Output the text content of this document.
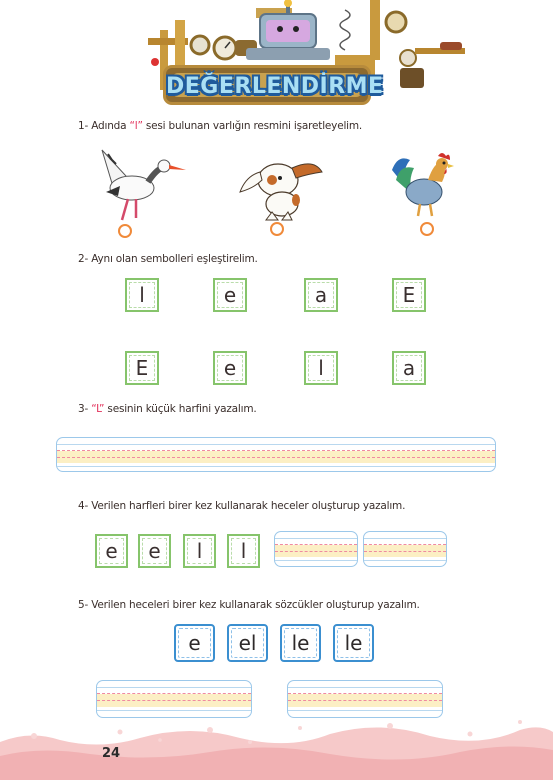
DEĞERLENDİRME
1- Adında “l” sesi bulunan varlığın resmini işaretleyelim.
2- Aynı olan sembolleri eşleştirelim.
l	e	a	E
E	e	l	a
3- “L” sesinin küçük harfini yazalım.
4- Verilen harfleri birer kez kullanarak heceler oluşturup yazalım.
e	e	l	l
5- Verilen heceleri birer kez kullanarak sözcükler oluşturup yazalım.
e	el	le	le
24
